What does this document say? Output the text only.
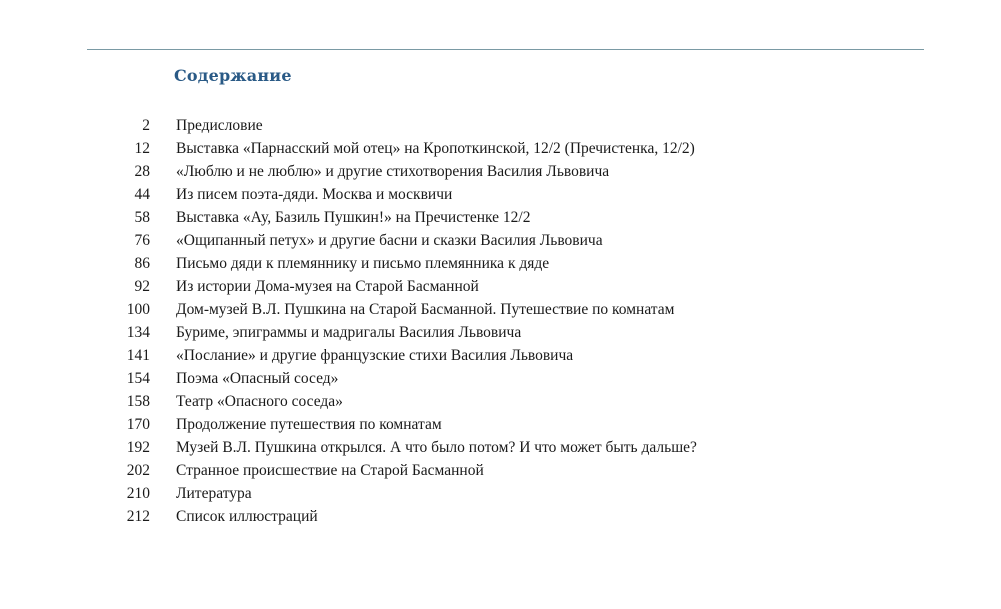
Содержание
2 Предисловие
12 Выставка «Парнасский мой отец» на Кропоткинской, 12/2 (Пречистенка, 12/2)
28 «Люблю и не люблю» и другие стихотворения Василия Львовича
44 Из писем поэта-дяди. Москва и москвичи
58 Выставка «Ау, Базиль Пушкин!» на Пречистенке 12/2
76 «Ощипанный петух» и другие басни и сказки Василия Львовича
86 Письмо дяди к племяннику и письмо племянника к дяде
92 Из истории Дома-музея на Старой Басманной
100 Дом-музей В.Л. Пушкина на Старой Басманной. Путешествие по комнатам
134 Буриме, эпиграммы и мадригалы Василия Львовича
141 «Послание» и другие французские стихи Василия Львовича
154 Поэма «Опасный сосед»
158 Театр «Опасного соседа»
170 Продолжение путешествия по комнатам
192 Музей В.Л. Пушкина открылся. А что было потом? И что может быть дальше?
202 Странное происшествие на Старой Басманной
210 Литература
212 Список иллюстраций
